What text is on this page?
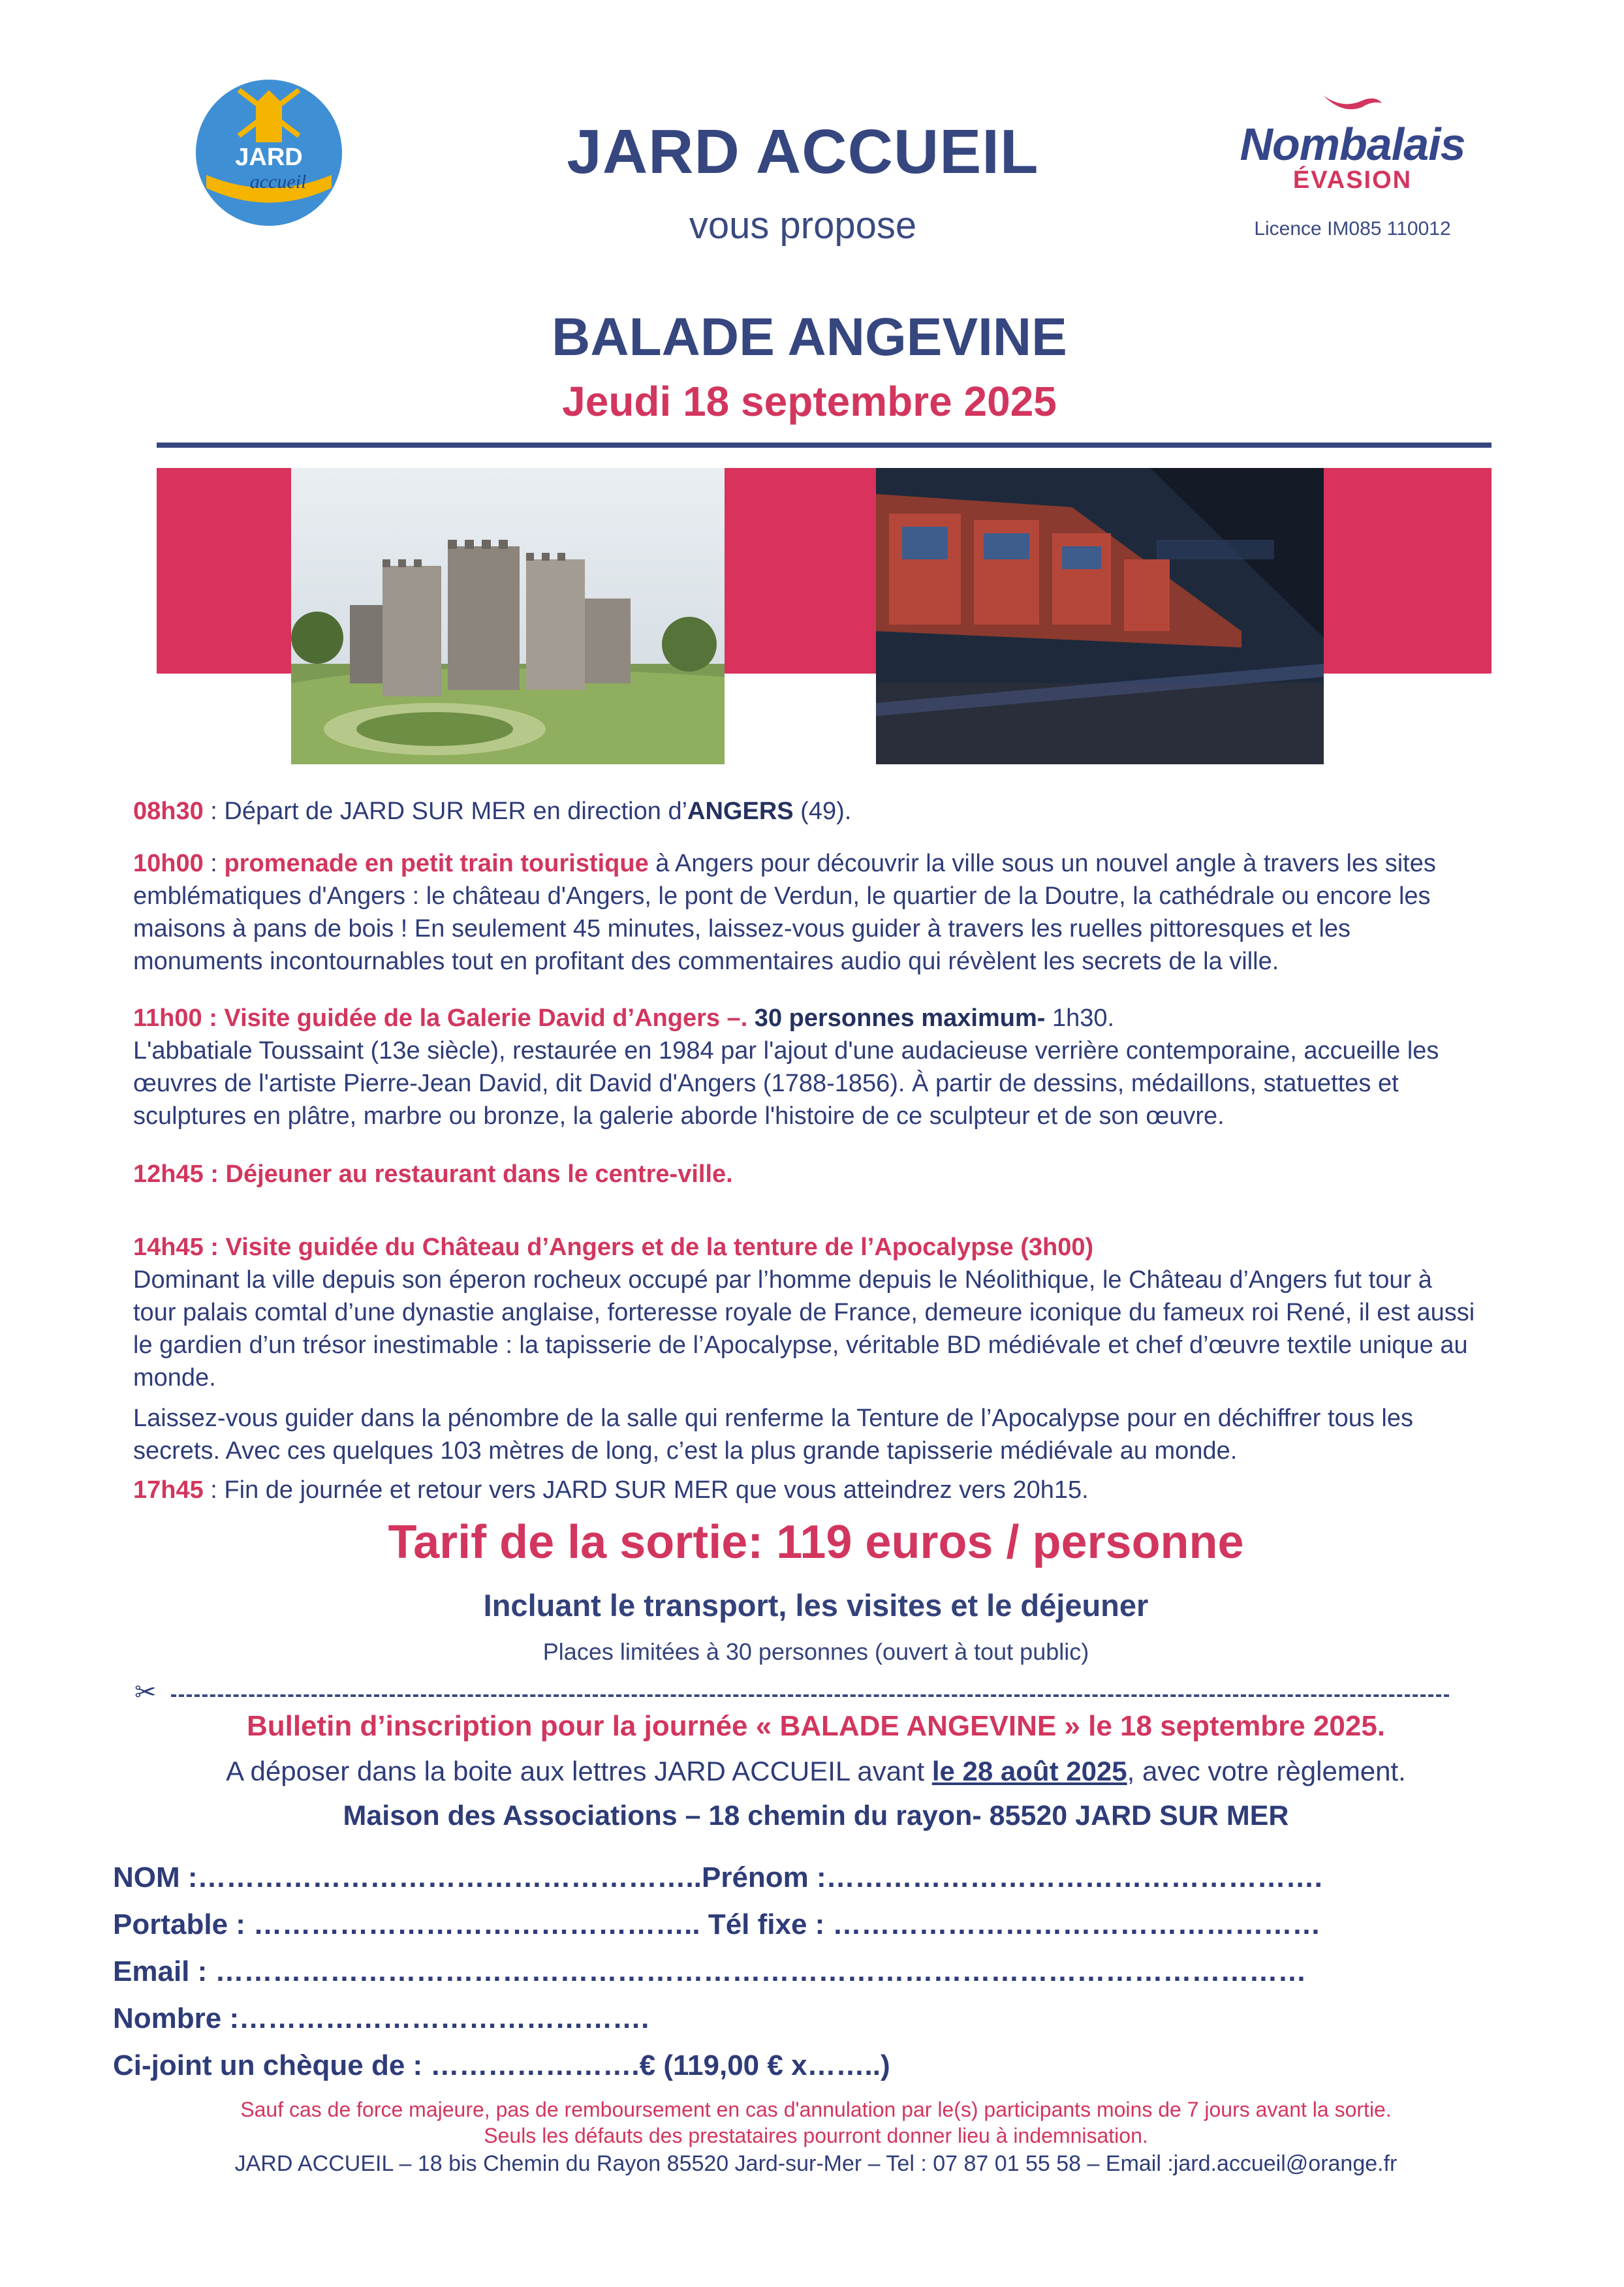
JARD
accueil	JARD ACCUEIL
vous propose
Nombalais
ÉVASION
Licence IM085 110012
BALADE ANGEVINE
Jeudi 18 septembre 2025
08h30 : Départ de JARD SUR MER en direction d’ANGERS (49).
10h00 : promenade en petit train touristique à Angers pour découvrir la ville sous un nouvel angle à travers les sites emblématiques d'Angers : le château d'Angers, le pont de Verdun, le quartier de la Doutre, la cathédrale ou encore les maisons à pans de bois ! En seulement 45 minutes, laissez-vous guider à travers les ruelles pittoresques et les monuments incontournables tout en profitant des commentaires audio qui révèlent les secrets de la ville.
11h00 : Visite guidée de la Galerie David d’Angers –. 30 personnes maximum- 1h30.
L'abbatiale Toussaint (13e siècle), restaurée en 1984 par l'ajout d'une audacieuse verrière contemporaine, accueille les œuvres de l'artiste Pierre-Jean David, dit David d'Angers (1788-1856). À partir de dessins, médaillons, statuettes et sculptures en plâtre, marbre ou bronze, la galerie aborde l'histoire de ce sculpteur et de son œuvre.
12h45 : Déjeuner au restaurant dans le centre-ville.
14h45 : Visite guidée du Château d’Angers et de la tenture de l’Apocalypse (3h00)
Dominant la ville depuis son éperon rocheux occupé par l’homme depuis le Néolithique, le Château d’Angers fut tour à tour palais comtal d’une dynastie anglaise, forteresse royale de France, demeure iconique du fameux roi René, il est aussi le gardien d’un trésor inestimable : la tapisserie de l’Apocalypse, véritable BD médiévale et chef d’œuvre textile unique au monde.
Laissez-vous guider dans la pénombre de la salle qui renferme la Tenture de l’Apocalypse pour en déchiffrer tous les secrets. Avec ces quelques 103 mètres de long, c’est la plus grande tapisserie médiévale au monde.
17h45 : Fin de journée et retour vers JARD SUR MER que vous atteindrez vers 20h15.
Tarif de la sortie: 119 euros / personne
Incluant le transport, les visites et le déjeuner
Places limitées à 30 personnes (ouvert à tout public)
✂
Bulletin d’inscription pour la journée « BALADE ANGEVINE » le 18 septembre 2025.
A déposer dans la boite aux lettres JARD ACCUEIL avant le 28 août 2025, avec votre règlement.
Maison des Associations – 18 chemin du rayon- 85520 JARD SUR MER
NOM :……………………………………………..Prénom :…………………………………………….
Portable : ……………………………………….. Tél fixe : ……………………………………………
Email : ……………………………………………………………………………………………………
Nombre :…………………………………….
Ci-joint un chèque de : ………………….€ (119,00 € x……..)
Sauf cas de force majeure, pas de remboursement en cas d'annulation par le(s) participants moins de 7 jours avant la sortie.
Seuls les défauts des prestataires pourront donner lieu à indemnisation.
JARD ACCUEIL – 18 bis Chemin du Rayon 85520 Jard-sur-Mer – Tel : 07 87 01 55 58 – Email :jard.accueil@orange.fr
